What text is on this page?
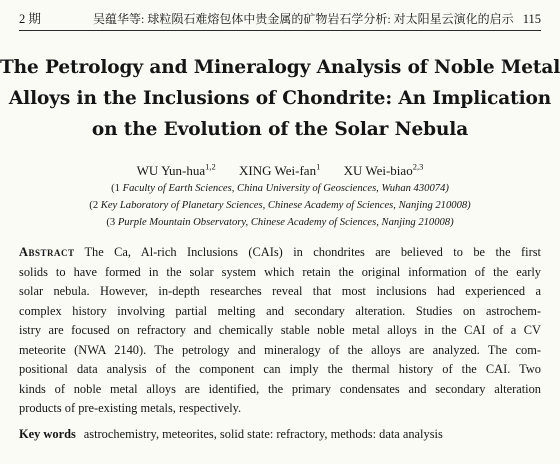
2 期	吴蕴华等: 球粒陨石难熔包体中贵金属的矿物岩石学分析: 对太阳星云演化的启示 115
The Petrology and Mineralogy Analysis of Noble Metal
Alloys in the Inclusions of Chondrite: An Implication
on the Evolution of the Solar Nebula
WU Yun-hua$^{1,2}$ XING Wei-fan$^1$ XU Wei-biao$^{2,3}$
(1 Faculty of Earth Sciences, China University of Geosciences, Wuhan 430074)
(2 Key Laboratory of Planetary Sciences, Chinese Academy of Sciences, Nanjing 210008)
(3 Purple Mountain Observatory, Chinese Academy of Sciences, Nanjing 210008)
Abstract The Ca, Al-rich Inclusions (CAIs) in chondrites are believed to be the first
solids to have formed in the solar system which retain the original information of the early
solar nebula. However, in-depth researches reveal that most inclusions had experienced a
complex history involving partial melting and secondary alteration. Studies on astrochem-
istry are focused on refractory and chemically stable noble metal alloys in the CAI of a CV
meteorite (NWA 2140). The petrology and mineralogy of the alloys are analyzed. The com-
positional data analysis of the component can imply the thermal history of the CAI. Two
kinds of noble metal alloys are identified, the primary condensates and secondary alteration
products of pre-existing metals, respectively.
Key words astrochemistry, meteorites, solid state: refractory, methods: data analysis
